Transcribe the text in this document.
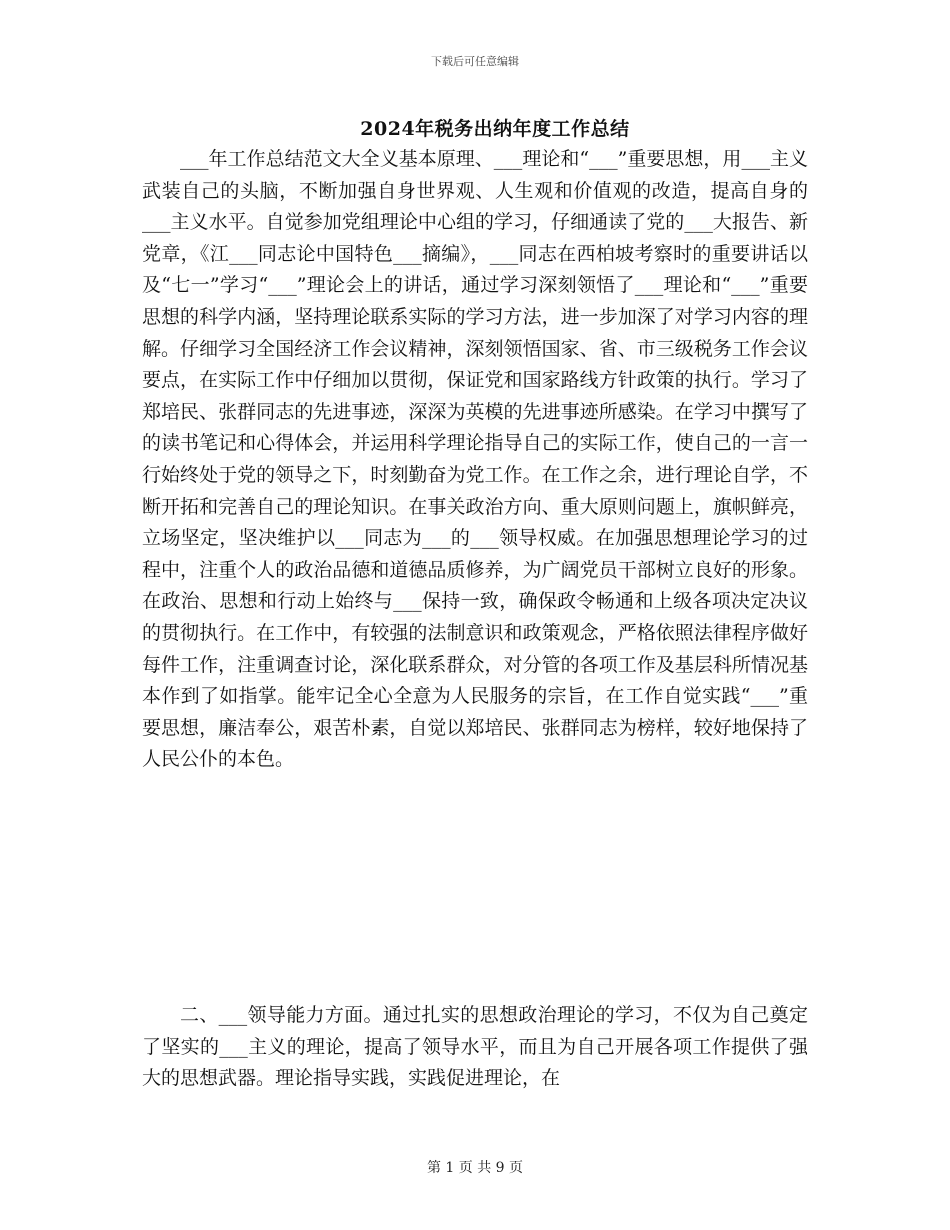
下载后可任意编辑
2024年税务出纳年度工作总结

___年工作总结范文大全义基本原理、___理论和“___”重要思想，用___主义武装自己的头脑，不断加强自身世界观、人生观和价值观的改造，提高自身的___主义水平。自觉参加党组理论中心组的学习，仔细通读了党的___大报告、新党章，《江___同志论中国特色___摘编》，___同志在西柏坡考察时的重要讲话以及“七一”学习“___”理论会上的讲话，通过学习深刻领悟了___理论和“___”重要思想的科学内涵，坚持理论联系实际的学习方法，进一步加深了对学习内容的理解。仔细学习全国经济工作会议精神，深刻领悟国家、省、市三级税务工作会议要点，在实际工作中仔细加以贯彻，保证党和国家路线方针政策的执行。学习了郑培民、张群同志的先进事迹，深深为英模的先进事迹所感染。在学习中撰写了的读书笔记和心得体会，并运用科学理论指导自己的实际工作，使自己的一言一行始终处于党的领导之下，时刻勤奋为党工作。在工作之余，进行理论自学，不断开拓和完善自己的理论知识。在事关政治方向、重大原则问题上，旗帜鲜亮，立场坚定，坚决维护以___同志为___的___领导权威。在加强思想理论学习的过程中，注重个人的政治品德和道德品质修养，为广阔党员干部树立良好的形象。在政治、思想和行动上始终与___保持一致，确保政令畅通和上级各项决定决议的贯彻执行。在工作中，有较强的法制意识和政策观念，严格依照法律程序做好每件工作，注重调查讨论，深化联系群众，对分管的各项工作及基层科所情况基本作到了如指掌。能牢记全心全意为人民服务的宗旨，在工作自觉实践“___”重要思想，廉洁奉公，艰苦朴素，自觉以郑培民、张群同志为榜样，较好地保持了人民公仆的本色。

二、___领导能力方面。通过扎实的思想政治理论的学习，不仅为自己奠定了坚实的___主义的理论，提高了领导水平，而且为自己开展各项工作提供了强大的思想武器。理论指导实践，实践促进理论，在

第 1 页 共 9 页
